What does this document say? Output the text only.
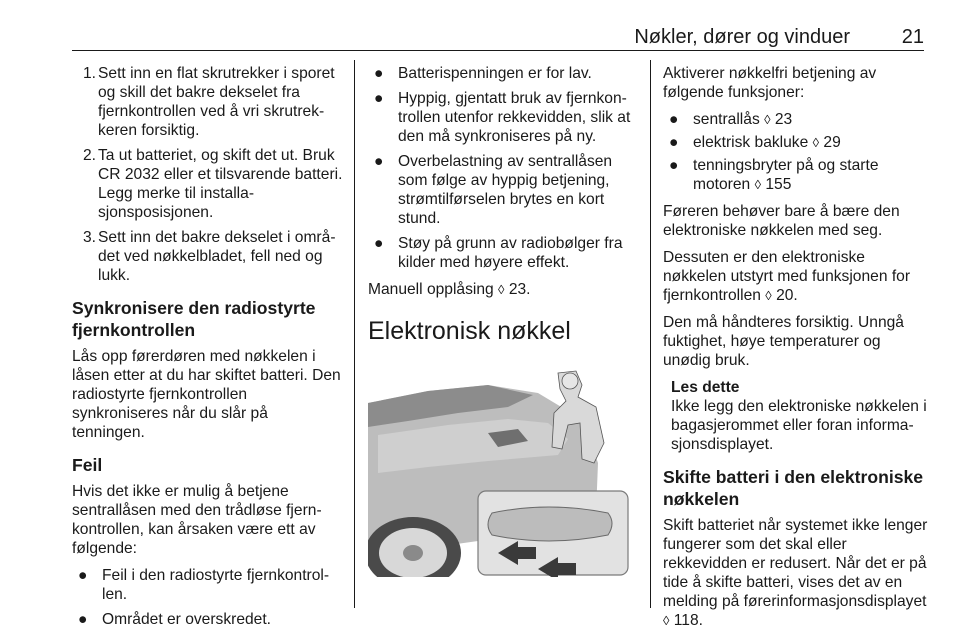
Nøkler, dører og vinduer	21
1. Sett inn en flat skrutrekker i sporet og skill det bakre dekselet fra fjernkontrollen ved å vri skrutrekkeren forsiktig.
2. Ta ut batteriet, og skift det ut. Bruk CR 2032 eller et tilsvarende batteri. Legg merke til installasjonsposisjonen.
3. Sett inn det bakre dekselet i området ved nøkkelbladet, fell ned og lukk.
Synkronisere den radiostyrte fjernkontrollen

Lås opp førerdøren med nøkkelen i låsen etter at du har skiftet batteri. Den radiostyrte fjernkontrollen synkroniseres når du slår på tenningen.

Feil

Hvis det ikke er mulig å betjene sentrallåsen med den trådløse fjernkontrollen, kan årsaken være ett av følgende:

● Feil i den radiostyrte fjernkontrollen.
● Området er overskredet.
● Batterispenningen er for lav.
● Hyppig, gjentatt bruk av fjernkontrollen utenfor rekkevidden, slik at den må synkroniseres på ny.
● Overbelastning av sentrallåsen som følge av hyppig betjening, strømtilførselen brytes en kort stund.
● Støy på grunn av radiobølger fra kilder med høyere effekt.

Manuell opplåsing ◊ 23.

Elektronisk nøkkel

Aktiverer nøkkelfri betjening av følgende funksjoner:

● sentrallås ◊ 23
● elektrisk bakluke ◊ 29
● tenningsbryter på og starte motoren ◊ 155

Føreren behøver bare å bære den elektroniske nøkkelen med seg.

Dessuten er den elektroniske nøkkelen utstyrt med funksjonen for fjernkontrollen ◊ 20.

Den må håndteres forsiktig. Unngå fuktighet, høye temperaturer og unødig bruk.

Les dette
Ikke legg den elektroniske nøkkelen i bagasjerommet eller foran informasjonsdisplayet.
Skifte batteri i den elektroniske nøkkelen

Skift batteriet når systemet ikke lenger fungerer som det skal eller rekkevidden er redusert. Når det er på tide å skifte batteri, vises det av en melding på førerinformasjonsdisplayet ◊ 118.
